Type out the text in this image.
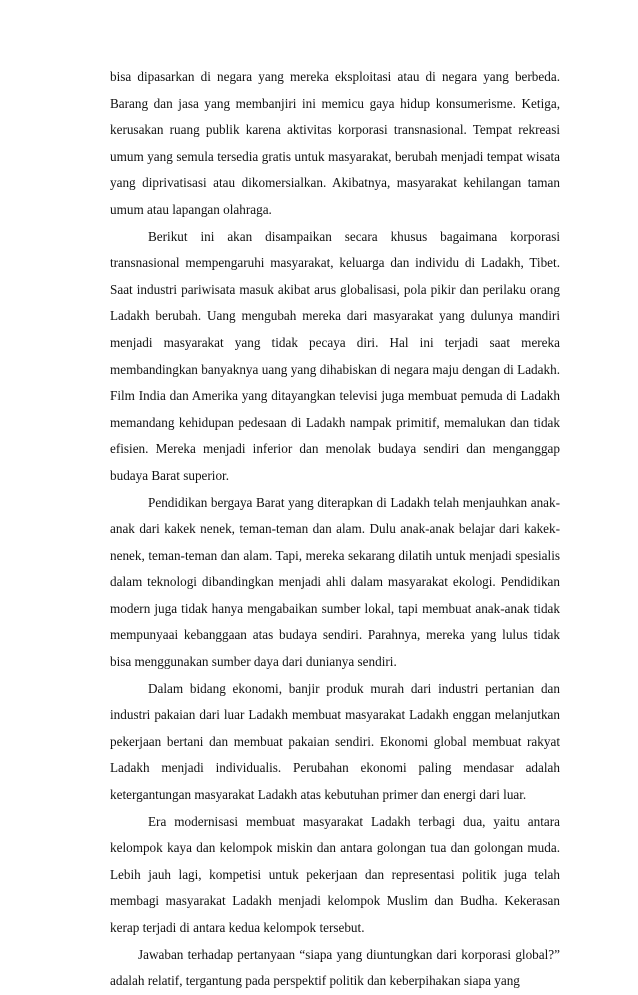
bisa dipasarkan di negara yang mereka eksploitasi atau di negara yang berbeda. Barang dan jasa yang membanjiri ini memicu gaya hidup konsumerisme. Ketiga, kerusakan ruang publik karena aktivitas korporasi transnasional. Tempat rekreasi umum yang semula tersedia gratis untuk masyarakat, berubah menjadi tempat wisata yang diprivatisasi atau dikomersialkan. Akibatnya, masyarakat kehilangan taman umum atau lapangan olahraga.

Berikut ini akan disampaikan secara khusus bagaimana korporasi transnasional mempengaruhi masyarakat, keluarga dan individu di Ladakh, Tibet. Saat industri pariwisata masuk akibat arus globalisasi, pola pikir dan perilaku orang Ladakh berubah. Uang mengubah mereka dari masyarakat yang dulunya mandiri menjadi masyarakat yang tidak pecaya diri. Hal ini terjadi saat mereka membandingkan banyaknya uang yang dihabiskan di negara maju dengan di Ladakh. Film India dan Amerika yang ditayangkan televisi juga membuat pemuda di Ladakh memandang kehidupan pedesaan di Ladakh nampak primitif, memalukan dan tidak efisien. Mereka menjadi inferior dan menolak budaya sendiri dan menganggap budaya Barat superior.

Pendidikan bergaya Barat yang diterapkan di Ladakh telah menjauhkan anak-anak dari kakek nenek, teman-teman dan alam. Dulu anak-anak belajar dari kakek-nenek, teman-teman dan alam. Tapi, mereka sekarang dilatih untuk menjadi spesialis dalam teknologi dibandingkan menjadi ahli dalam masyarakat ekologi. Pendidikan modern juga tidak hanya mengabaikan sumber lokal, tapi membuat anak-anak tidak mempunyaai kebanggaan atas budaya sendiri. Parahnya, mereka yang lulus tidak bisa menggunakan sumber daya dari dunianya sendiri.

Dalam bidang ekonomi, banjir produk murah dari industri pertanian dan industri pakaian dari luar Ladakh membuat masyarakat Ladakh enggan melanjutkan pekerjaan bertani dan membuat pakaian sendiri. Ekonomi global membuat rakyat Ladakh menjadi individualis. Perubahan ekonomi paling mendasar adalah ketergantungan masyarakat Ladakh atas kebutuhan primer dan energi dari luar.

Era modernisasi membuat masyarakat Ladakh terbagi dua, yaitu antara kelompok kaya dan kelompok miskin dan antara golongan tua dan golongan muda. Lebih jauh lagi, kompetisi untuk pekerjaan dan representasi politik juga telah membagi masyarakat Ladakh menjadi kelompok Muslim dan Budha. Kekerasan kerap terjadi di antara kedua kelompok tersebut.

Jawaban terhadap pertanyaan “siapa yang diuntungkan dari korporasi global?” adalah relatif, tergantung pada perspektif politik dan keberpihakan siapa yang
